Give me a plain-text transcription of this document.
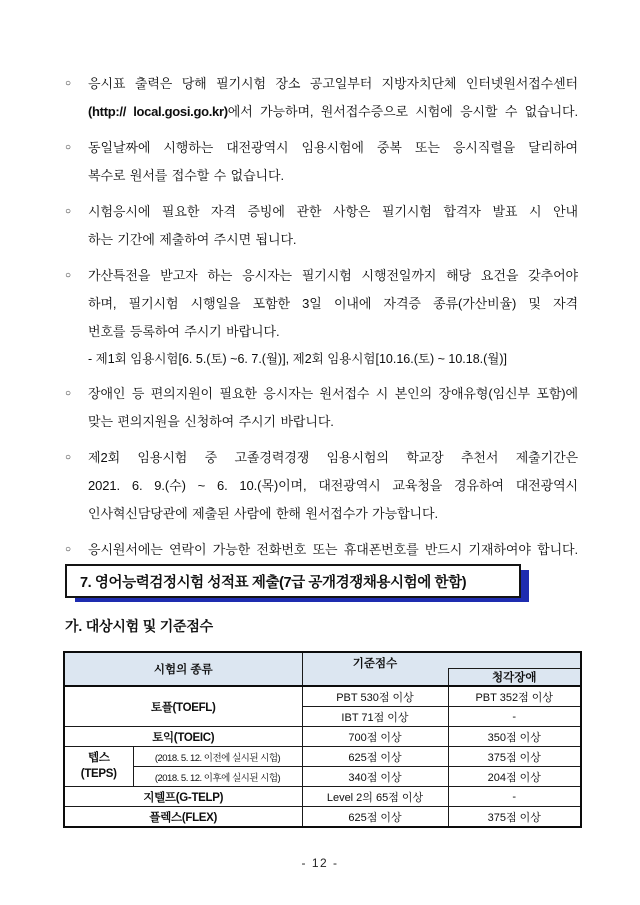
○	응시표 출력은 당해 필기시험 장소 공고일부터 지방자치단체 인터넷원서접수센터
(http:// local.gosi.go.kr)에서 가능하며, 원서접수증으로 시험에 응시할 수 없습니다.
○	동일날짜에 시행하는 대전광역시 임용시험에 중복 또는 응시직렬을 달리하여
복수로 원서를 접수할 수 없습니다.
○	시험응시에 필요한 자격 증빙에 관한 사항은 필기시험 합격자 발표 시 안내
하는 기간에 제출하여 주시면 됩니다.
○	가산특전을 받고자 하는 응시자는 필기시험 시행전일까지 해당 요건을 갖추어야
하며, 필기시험 시행일을 포함한 3일 이내에 자격증 종류(가산비율) 및 자격
번호를 등록하여 주시기 바랍니다.
- 제1회 임용시험[6. 5.(토) ~6. 7.(월)], 제2회 임용시험[10.16.(토) ~ 10.18.(월)]
○	장애인 등 편의지원이 필요한 응시자는 원서접수 시 본인의 장애유형(임신부 포함)에
맞는 편의지원을 신청하여 주시기 바랍니다.
○	제2회 임용시험 중 고졸경력경쟁 임용시험의 학교장 추천서 제출기간은
2021. 6. 9.(수) ~ 6. 10.(목)이며, 대전광역시 교육청을 경유하여 대전광역시
인사혁신담당관에 제출된 사람에 한해 원서접수가 가능합니다.
○	응시원서에는 연락이 가능한 전화번호 또는 휴대폰번호를 반드시 기재하여야 합니다.
7. 영어능력검정시험 성적표 제출(7급 공개경쟁채용시험에 한함)
가. 대상시험 및 기준점수
시험의 종류		기준점수	
			청각장애
토플(TOEFL)		PBT 530점 이상	PBT 352점 이상
		IBT 71점 이상	-
토익(TOEIC)		700점 이상	350점 이상

텝스
(TEPS)	(2018. 5. 12. 이전에 실시된 시험)	625점 이상	375점 이상
	(2018. 5. 12. 이후에 실시된 시험)	340점 이상	204점 이상
지텔프(G-TELP)		Level 2의 65점 이상	-
플렉스(FLEX)		625점 이상	375점 이상
- 12 -
